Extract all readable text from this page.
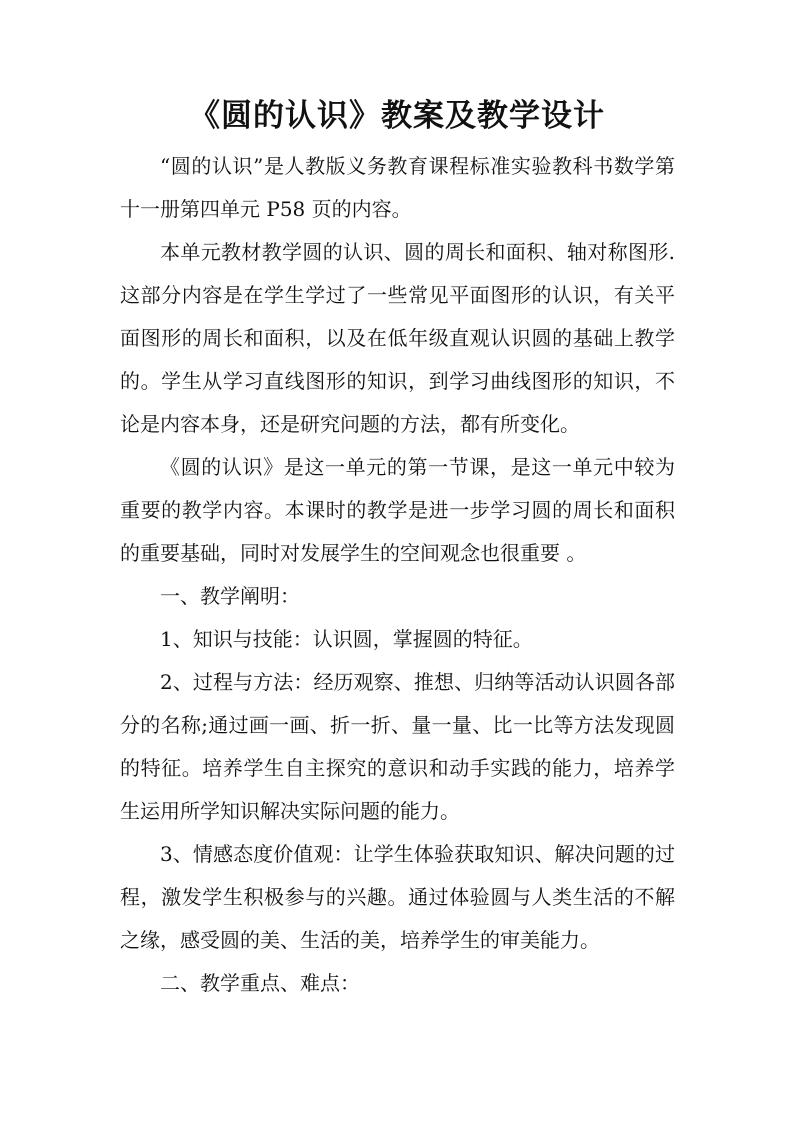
《圆的认识》教案及教学设计

“圆的认识”是人教版义务教育课程标准实验教科书数学第十一册第四单元 P58 页的内容。

本单元教材教学圆的认识、圆的周长和面积、轴对称图形.这部分内容是在学生学过了一些常见平面图形的认识，有关平面图形的周长和面积，以及在低年级直观认识圆的基础上教学的。学生从学习直线图形的知识，到学习曲线图形的知识，不论是内容本身，还是研究问题的方法，都有所变化。

《圆的认识》是这一单元的第一节课，是这一单元中较为重要的教学内容。本课时的教学是进一步学习圆的周长和面积的重要基础，同时对发展学生的空间观念也很重要 。

一、教学阐明：

1、知识与技能：认识圆，掌握圆的特征。

2、过程与方法：经历观察、推想、归纳等活动认识圆各部分的名称;通过画一画、折一折、量一量、比一比等方法发现圆的特征。培养学生自主探究的意识和动手实践的能力，培养学生运用所学知识解决实际问题的能力。

3、情感态度价值观：让学生体验获取知识、解决问题的过程，激发学生积极参与的兴趣。通过体验圆与人类生活的不解之缘，感受圆的美、生活的美，培养学生的审美能力。

二、教学重点、难点：
